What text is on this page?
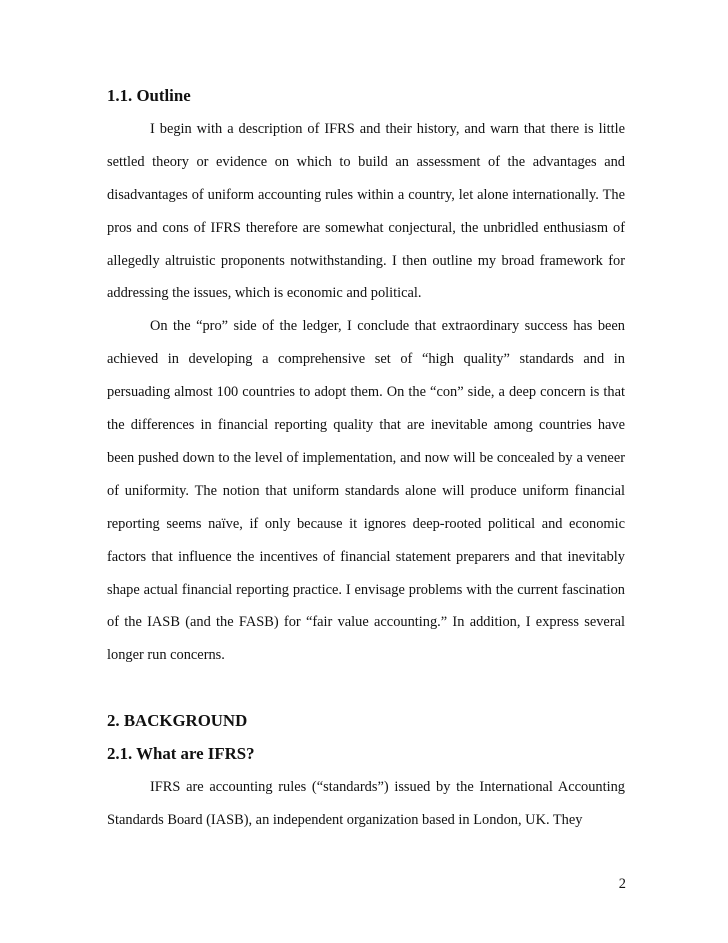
1.1. Outline

I begin with a description of IFRS and their history, and warn that there is little settled theory or evidence on which to build an assessment of the advantages and disadvantages of uniform accounting rules within a country, let alone internationally. The pros and cons of IFRS therefore are somewhat conjectural, the unbridled enthusiasm of allegedly altruistic proponents notwithstanding. I then outline my broad framework for addressing the issues, which is economic and political.

On the “pro” side of the ledger, I conclude that extraordinary success has been achieved in developing a comprehensive set of “high quality” standards and in persuading almost 100 countries to adopt them. On the “con” side, a deep concern is that the differences in financial reporting quality that are inevitable among countries have been pushed down to the level of implementation, and now will be concealed by a veneer of uniformity. The notion that uniform standards alone will produce uniform financial reporting seems naïve, if only because it ignores deep-rooted political and economic factors that influence the incentives of financial statement preparers and that inevitably shape actual financial reporting practice. I envisage problems with the current fascination of the IASB (and the FASB) for “fair value accounting.” In addition, I express several longer run concerns.

2. BACKGROUND
2.1. What are IFRS?

IFRS are accounting rules (“standards”) issued by the International Accounting Standards Board (IASB), an independent organization based in London, UK. They

2
